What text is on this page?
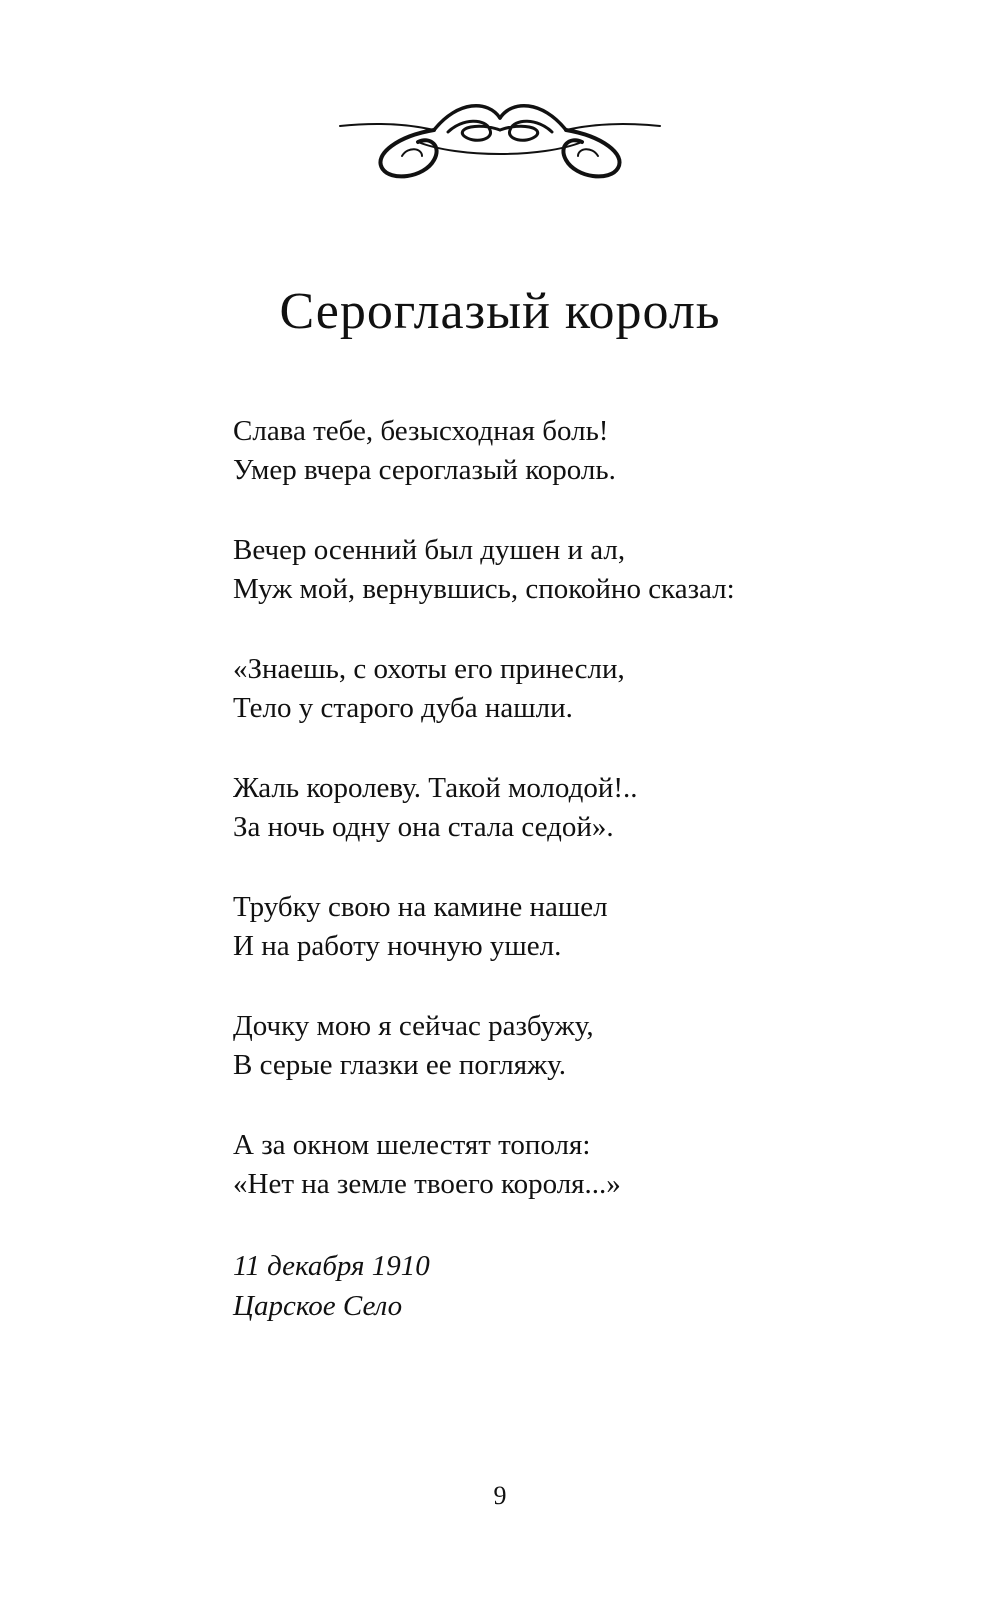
Сероглазый король
Слава тебе, безысходная боль!
Умер вчера сероглазый король.
Вечер осенний был душен и ал,
Муж мой, вернувшись, спокойно сказал:
«Знаешь, с охоты его принесли,
Тело у старого дуба нашли.
Жаль королеву. Такой молодой!..
За ночь одну она стала седой».
Трубку свою на камине нашел
И на работу ночную ушел.
Дочку мою я сейчас разбужу,
В серые глазки ее погляжу.
А за окном шелестят тополя:
«Нет на земле твоего короля...»
11 декабря 1910
Царское Село
9
